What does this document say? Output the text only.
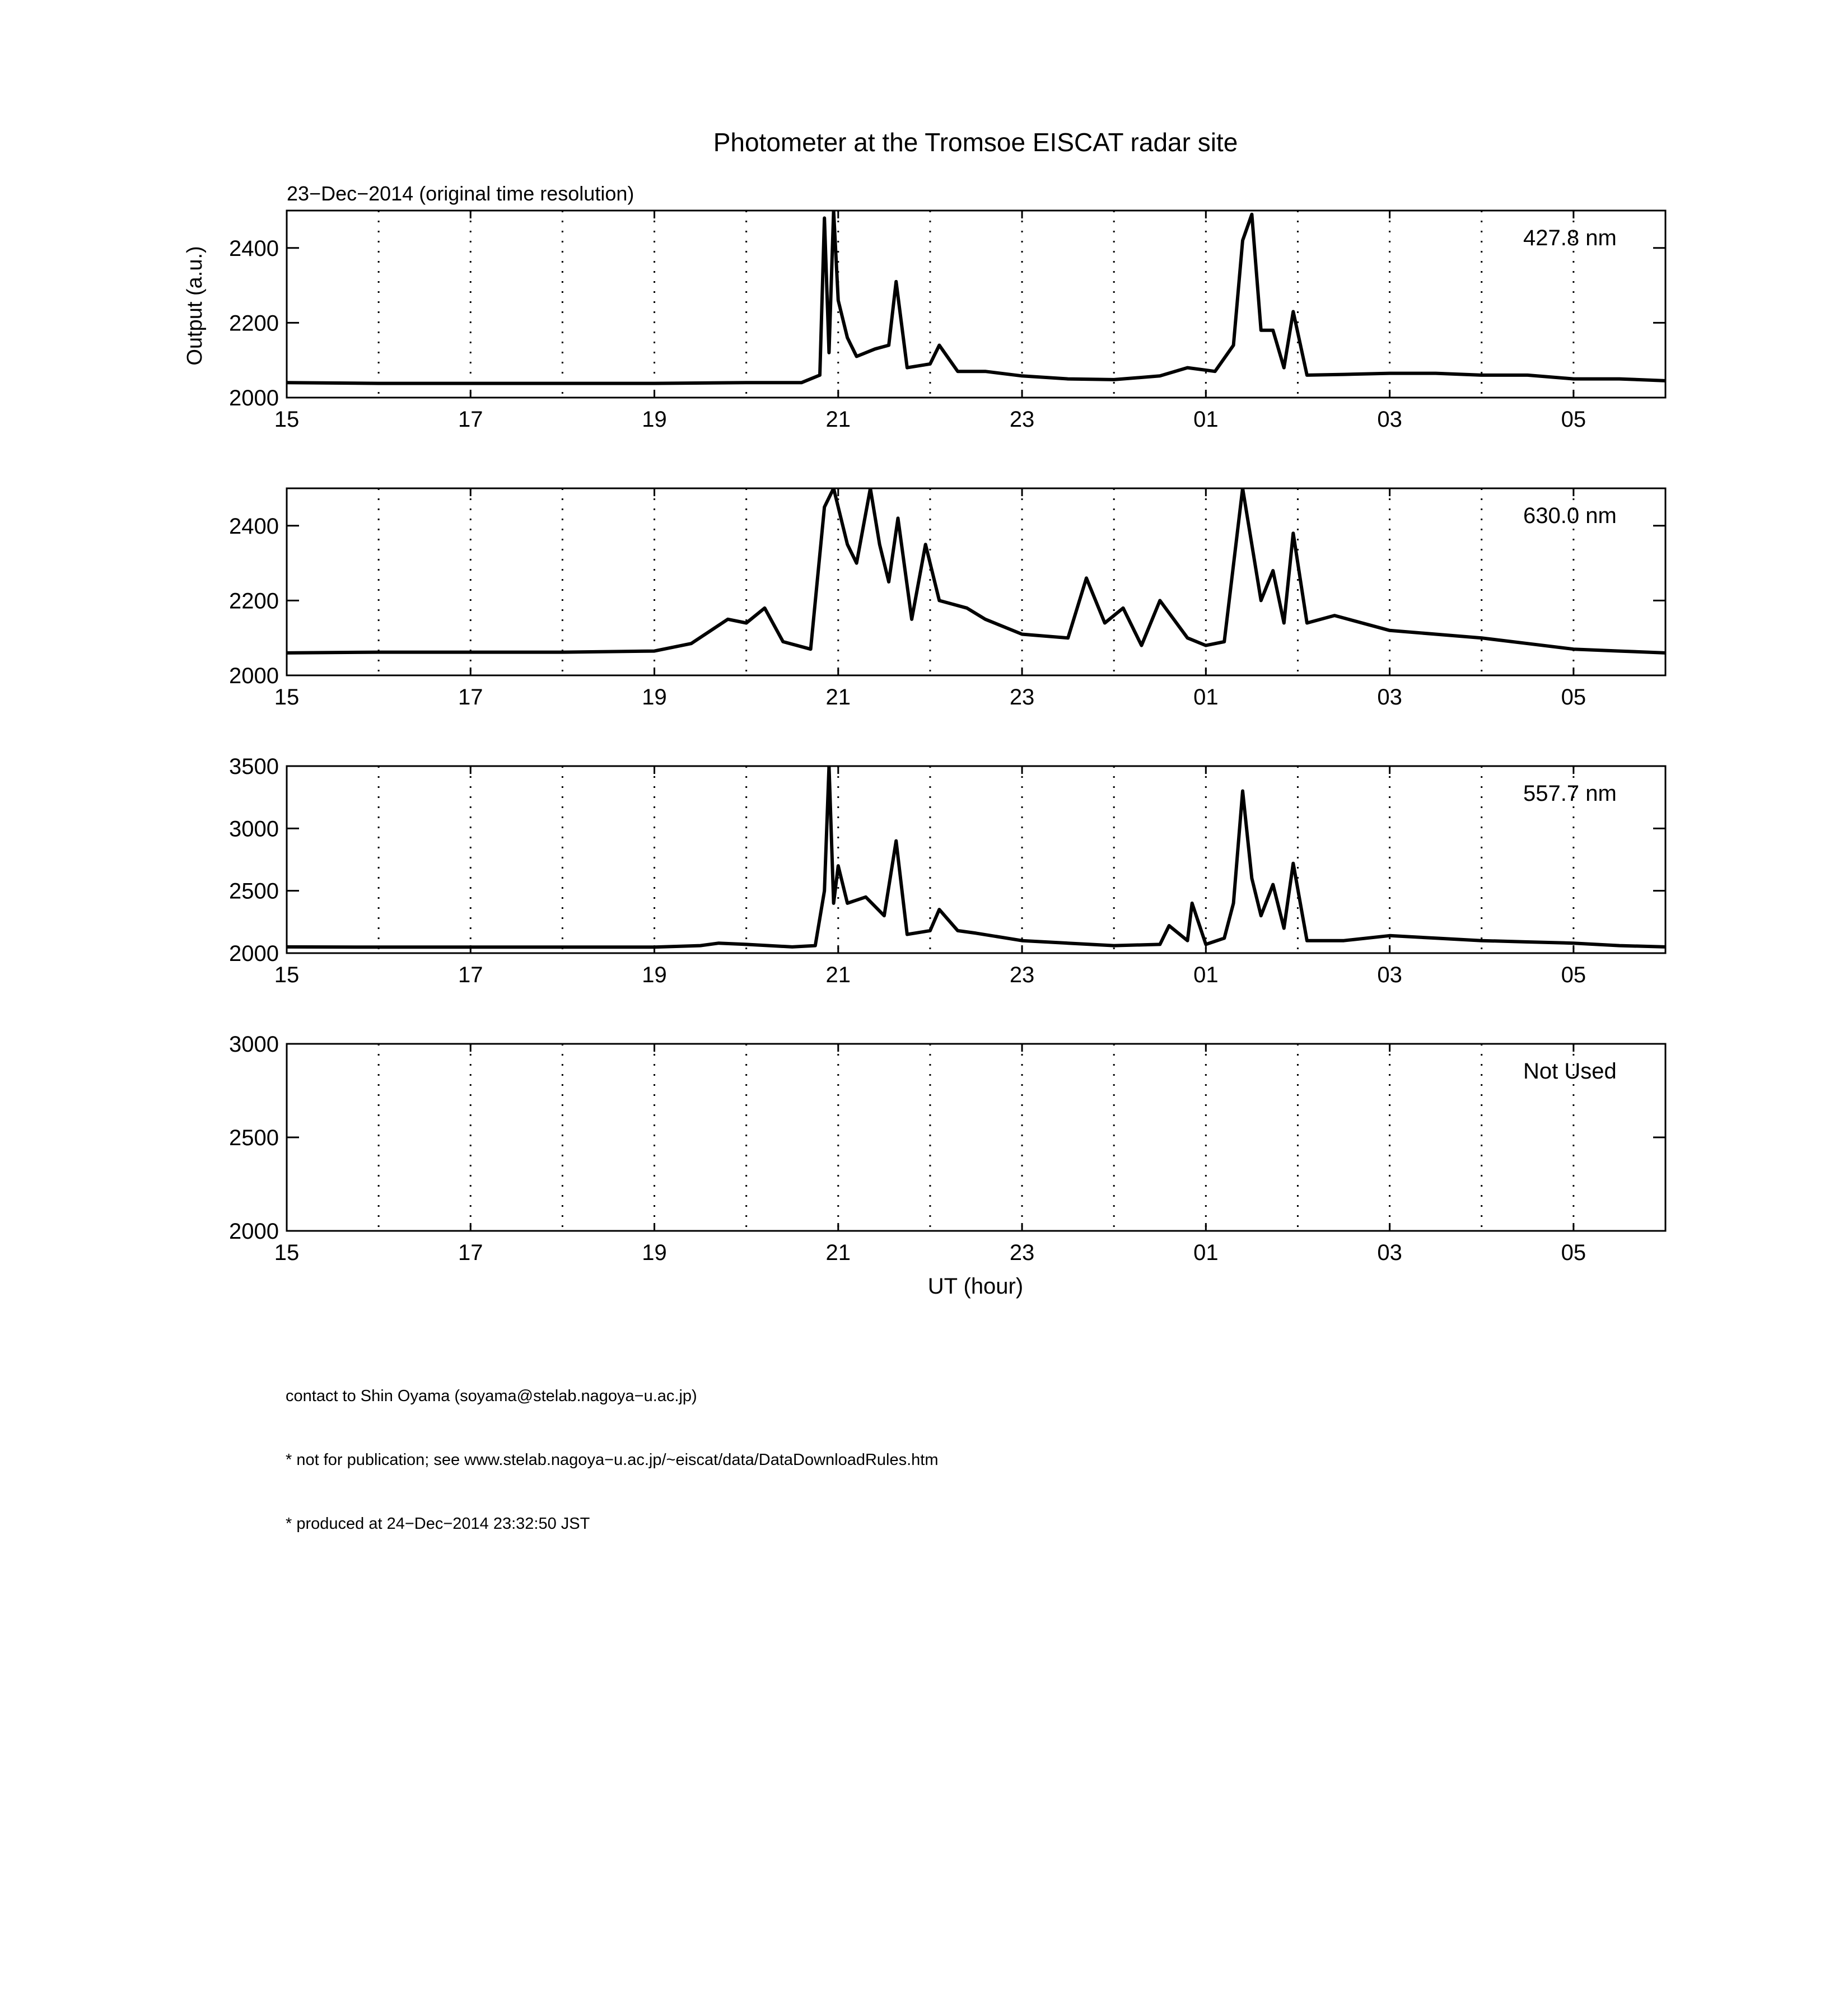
Photometer at the Tromsoe EISCAT radar site
23−Dec−2014 (original time resolution)
Output (a.u.)
UT (hour)
15	17	19	21	23	01	03	05
2000
2200
2400	427.8 nm
15	17	19	21	23	01	03	05
2000
2200
2400	630.0 nm
15	17	19	21	23	01	03	05
2000
2500
3000
3500
557.7 nm
15	17	19	21	23	01	03	05
2000
2500
3000
Not Used

contact to Shin Oyama (soyama@stelab.nagoya−u.ac.jp)

* not for publication; see www.stelab.nagoya−u.ac.jp/~eiscat/data/DataDownloadRules.htm

* produced at 24−Dec−2014 23:32:50 JST
